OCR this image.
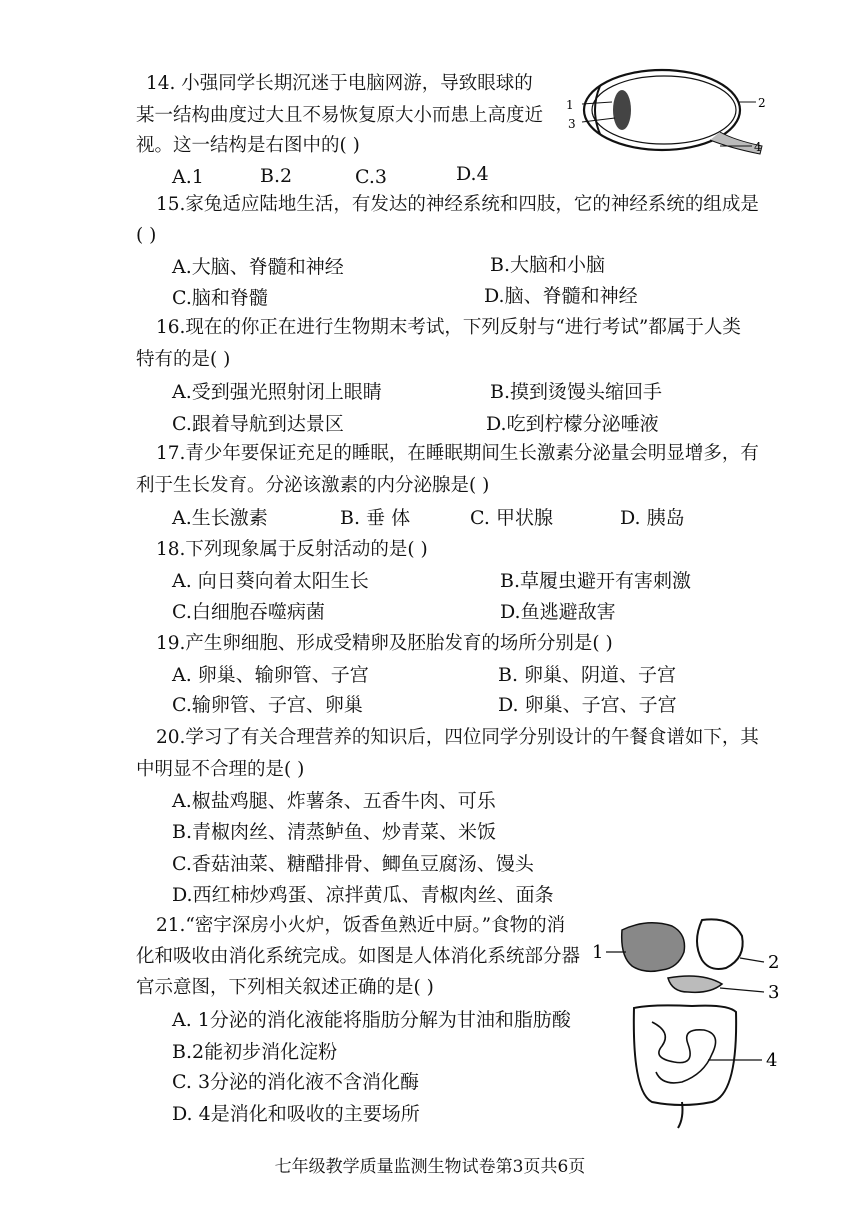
14. 小强同学长期沉迷于电脑网游，导致眼球的
某一结构曲度过大且不易恢复原大小而患上高度近
视。这一结构是右图中的( )
A.1	B.2	C.3	D.4
1	2
3
4
15.家兔适应陆地生活，有发达的神经系统和四肢，它的神经系统的组成是
( )
A.大脑、脊髓和神经	B.大脑和小脑
C.脑和脊髓	D.脑、脊髓和神经
16.现在的你正在进行生物期末考试，下列反射与“进行考试”都属于人类
特有的是( )
A.受到强光照射闭上眼睛	B.摸到烫馒头缩回手
C.跟着导航到达景区	D.吃到柠檬分泌唾液
17.青少年要保证充足的睡眠，在睡眠期间生长激素分泌量会明显增多，有
利于生长发育。分泌该激素的内分泌腺是( )
A.生长激素	B. 垂 体	C. 甲状腺	D. 胰岛
18.下列现象属于反射活动的是( )
A. 向日葵向着太阳生长	B.草履虫避开有害刺激
C.白细胞吞噬病菌	D.鱼逃避敌害
19.产生卵细胞、形成受精卵及胚胎发育的场所分别是( )
A. 卵巢、输卵管、子宫	B. 卵巢、阴道、子宫
C.输卵管、子宫、卵巢	D. 卵巢、子宫、子宫
20.学习了有关合理营养的知识后，四位同学分别设计的午餐食谱如下，其
中明显不合理的是( )
A.椒盐鸡腿、炸薯条、五香牛肉、可乐
B.青椒肉丝、清蒸鲈鱼、炒青菜、米饭
C.香菇油菜、糖醋排骨、鲫鱼豆腐汤、馒头
D.西红柿炒鸡蛋、凉拌黄瓜、青椒肉丝、面条
21.“密宇深房小火炉，饭香鱼熟近中厨。”食物的消
化和吸收由消化系统完成。如图是人体消化系统部分器
官示意图，下列相关叙述正确的是( )
A. 1分泌的消化液能将脂肪分解为甘油和脂肪酸
B.2能初步消化淀粉
C. 3分泌的消化液不含消化酶
D. 4是消化和吸收的主要场所
1	2
3
4
七年级教学质量监测生物试卷第3页共6页
